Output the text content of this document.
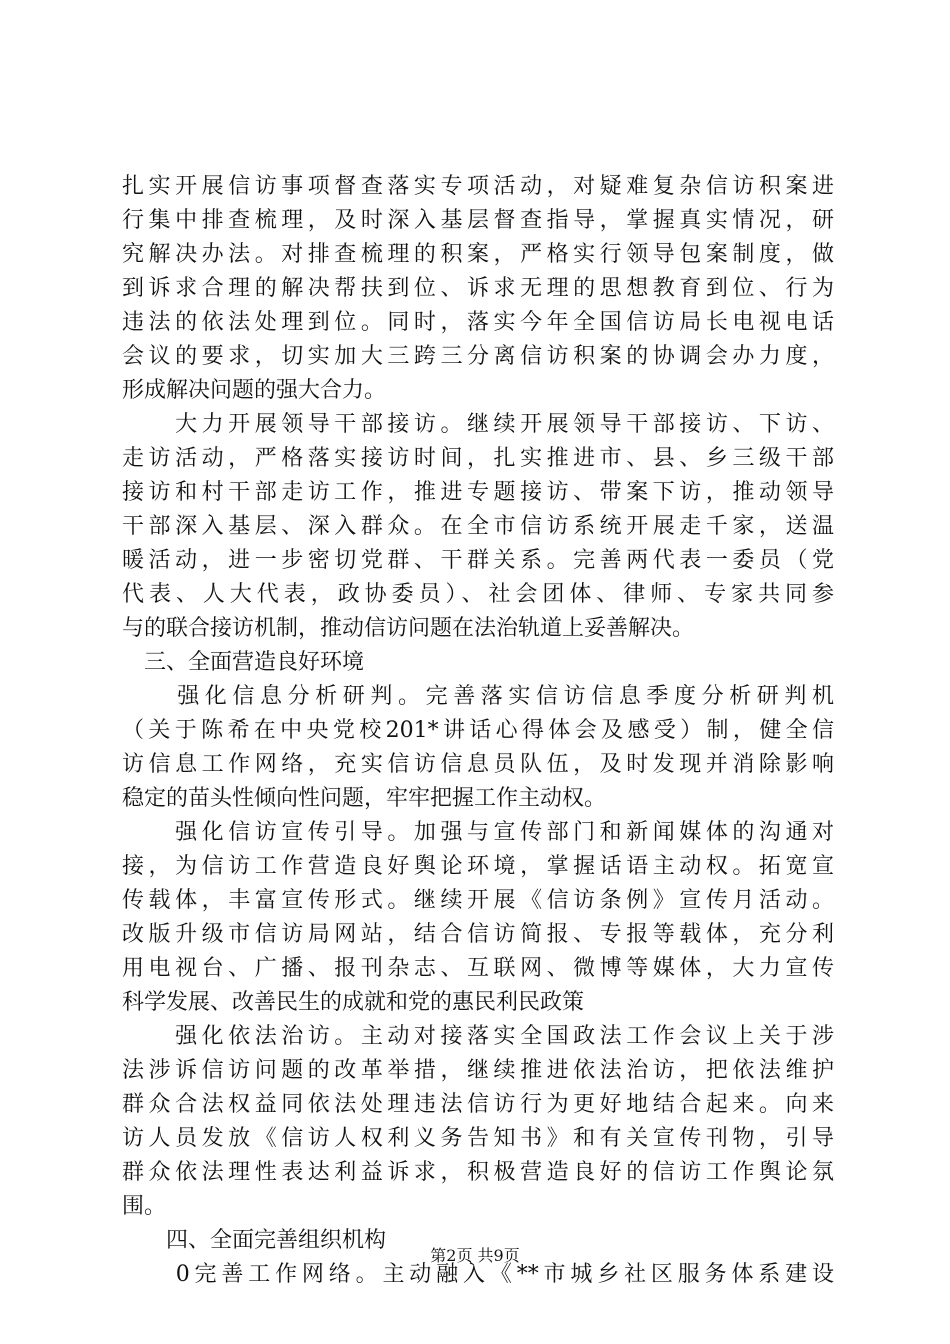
扎实开展信访事项督查落实专项活动，对疑难复杂信访积案进
行集中排查梳理，及时深入基层督查指导，掌握真实情况，研
究解决办法。对排查梳理的积案，严格实行领导包案制度，做
到诉求合理的解决帮扶到位、诉求无理的思想教育到位、行为
违法的依法处理到位。同时，落实今年全国信访局长电视电话
会议的要求，切实加大三跨三分离信访积案的协调会办力度，
形成解决问题的强大合力。
　　大力开展领导干部接访。继续开展领导干部接访、下访、
走访活动，严格落实接访时间，扎实推进市、县、乡三级干部
接访和村干部走访工作，推进专题接访、带案下访，推动领导
干部深入基层、深入群众。在全市信访系统开展走千家，送温
暖活动，进一步密切党群、干群关系。完善两代表一委员（党
代表、人大代表，政协委员）、社会团体、律师、专家共同参
与的联合接访机制，推动信访问题在法治轨道上妥善解决。
　三、全面营造良好环境
　　强化信息分析研判。完善落实信访信息季度分析研判机
（关于陈希在中央党校201*讲话心得体会及感受）制，健全信
访信息工作网络，充实信访信息员队伍，及时发现并消除影响
稳定的苗头性倾向性问题，牢牢把握工作主动权。
　　强化信访宣传引导。加强与宣传部门和新闻媒体的沟通对
接，为信访工作营造良好舆论环境，掌握话语主动权。拓宽宣
传载体，丰富宣传形式。继续开展《信访条例》宣传月活动。
改版升级市信访局网站，结合信访简报、专报等载体，充分利
用电视台、广播、报刊杂志、互联网、微博等媒体，大力宣传
科学发展、改善民生的成就和党的惠民利民政策
　　强化依法治访。主动对接落实全国政法工作会议上关于涉
法涉诉信访问题的改革举措，继续推进依法治访，把依法维护
群众合法权益同依法处理违法信访行为更好地结合起来。向来
访人员发放《信访人权利义务告知书》和有关宣传刊物，引导
群众依法理性表达利益诉求，积极营造良好的信访工作舆论氛
围。
　　四、全面完善组织机构
　　0完善工作网络。主动融入《**市城乡社区服务体系建设
第2页 共9页
